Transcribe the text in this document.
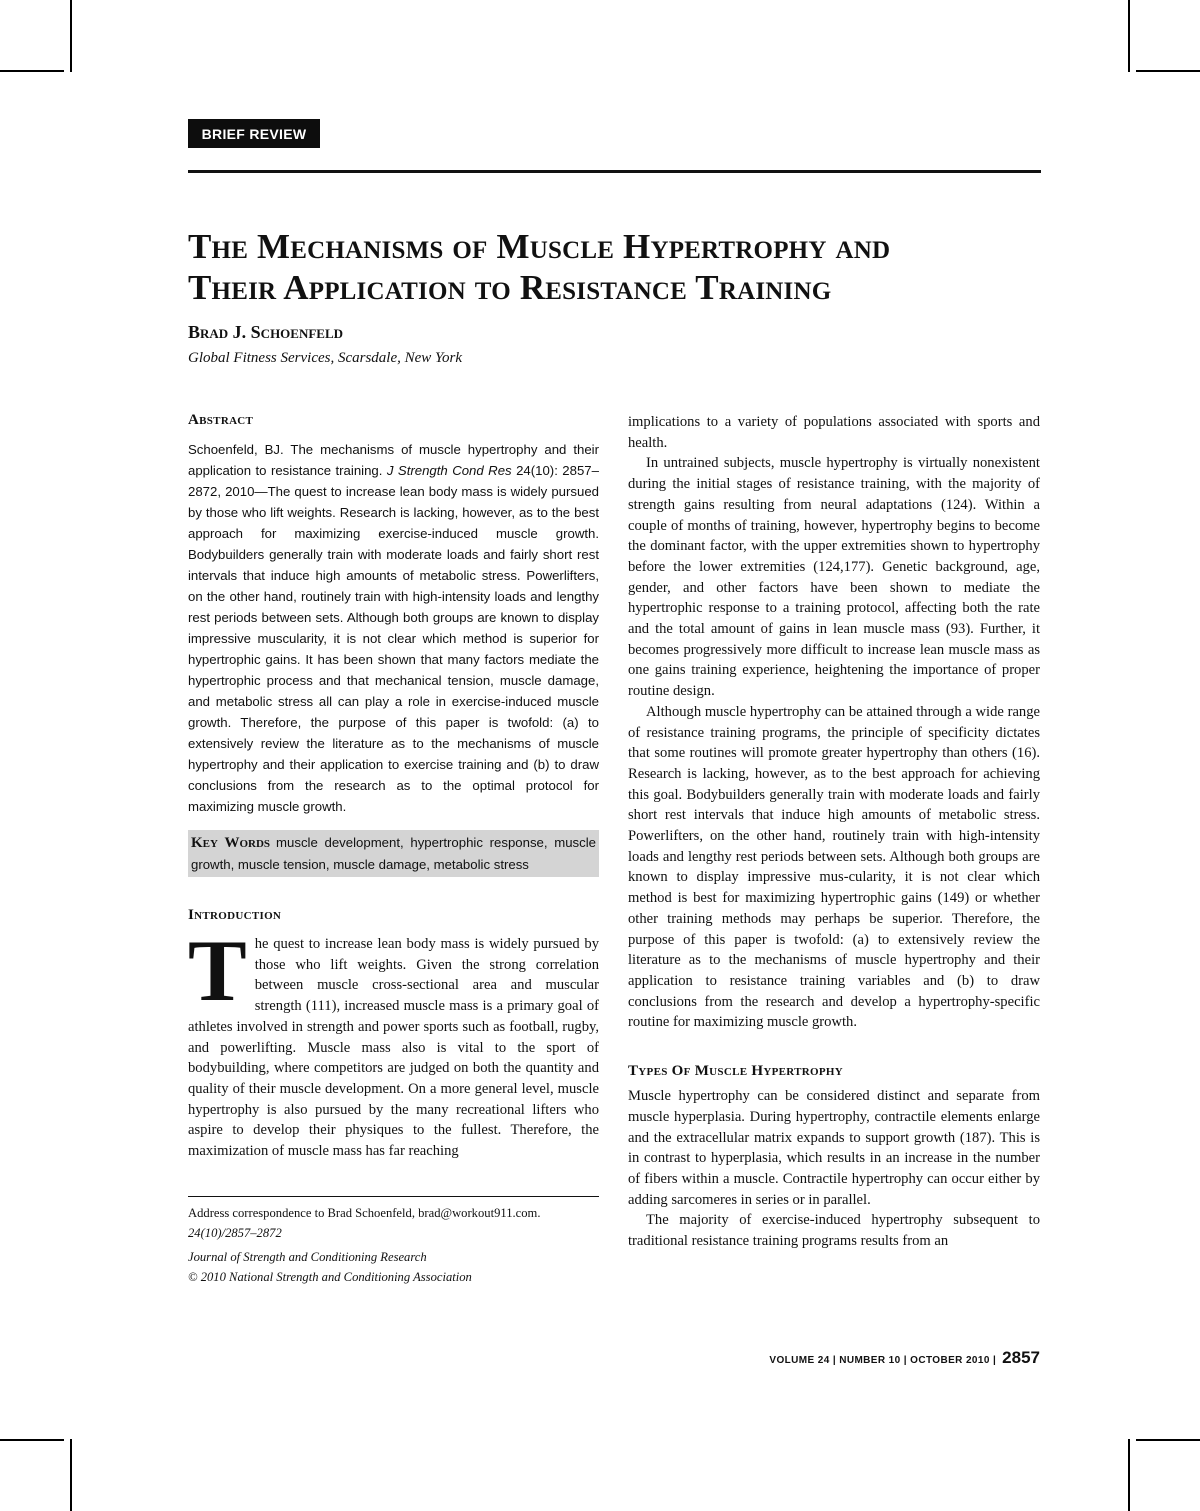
BRIEF REVIEW
The Mechanisms of Muscle Hypertrophy and
Their Application to Resistance Training

Brad J. Schoenfeld

Global Fitness Services, Scarsdale, New York

Abstract

Schoenfeld, BJ. The mechanisms of muscle hypertrophy and their application to resistance training. J Strength Cond Res 24(10): 2857–2872, 2010—The quest to increase lean body mass is widely pursued by those who lift weights. Research is lacking, however, as to the best approach for maximizing exercise-induced muscle growth. Bodybuilders generally train with moderate loads and fairly short rest intervals that induce high amounts of metabolic stress. Powerlifters, on the other hand, routinely train with high-intensity loads and lengthy rest periods between sets. Although both groups are known to display impressive muscularity, it is not clear which method is superior for hypertrophic gains. It has been shown that many factors mediate the hypertrophic process and that mechanical tension, muscle damage, and metabolic stress all can play a role in exercise-induced muscle growth. Therefore, the purpose of this paper is twofold: (a) to extensively review the literature as to the mechanisms of muscle hypertrophy and their application to exercise training and (b) to draw conclusions from the research as to the optimal protocol for maximizing muscle growth.

Key Words muscle development, hypertrophic response, muscle growth, muscle tension, muscle damage, metabolic stress
Introduction

The quest to increase lean body mass is widely pursued by those who lift weights. Given the strong correlation between muscle cross-sectional area and muscular strength (111), increased muscle mass is a primary goal of athletes involved in strength and power sports such as football, rugby, and powerlifting. Muscle mass also is vital to the sport of bodybuilding, where competitors are judged on both the quantity and quality of their muscle development. On a more general level, muscle hypertrophy is also pursued by the many recreational lifters who aspire to develop their physiques to the fullest. Therefore, the maximization of muscle mass has far reaching

Address correspondence to Brad Schoenfeld, brad@workout911.com.

24(10)/2857–2872

Journal of Strength and Conditioning Research

© 2010 National Strength and Conditioning Association

implications to a variety of populations associated with sports and health.

In untrained subjects, muscle hypertrophy is virtually nonexistent during the initial stages of resistance training, with the majority of strength gains resulting from neural adaptations (124). Within a couple of months of training, however, hypertrophy begins to become the dominant factor, with the upper extremities shown to hypertrophy before the lower extremities (124,177). Genetic background, age, gender, and other factors have been shown to mediate the hypertrophic response to a training protocol, affecting both the rate and the total amount of gains in lean muscle mass (93). Further, it becomes progressively more difficult to increase lean muscle mass as one gains training experience, heightening the importance of proper routine design.

Although muscle hypertrophy can be attained through a wide range of resistance training programs, the principle of specificity dictates that some routines will promote greater hypertrophy than others (16). Research is lacking, however, as to the best approach for achieving this goal. Bodybuilders generally train with moderate loads and fairly short rest intervals that induce high amounts of metabolic stress. Powerlifters, on the other hand, routinely train with high-intensity loads and lengthy rest periods between sets. Although both groups are known to display impressive mus-cularity, it is not clear which method is best for maximizing hypertrophic gains (149) or whether other training methods may perhaps be superior. Therefore, the purpose of this paper is twofold: (a) to extensively review the literature as to the mechanisms of muscle hypertrophy and their application to resistance training variables and (b) to draw conclusions from the research and develop a hypertrophy-specific routine for maximizing muscle growth.

Types Of Muscle Hypertrophy

Muscle hypertrophy can be considered distinct and separate from muscle hyperplasia. During hypertrophy, contractile elements enlarge and the extracellular matrix expands to support growth (187). This is in contrast to hyperplasia, which results in an increase in the number of fibers within a muscle. Contractile hypertrophy can occur either by adding sarcomeres in series or in parallel.

The majority of exercise-induced hypertrophy subsequent to traditional resistance training programs results from an

VOLUME 24 | NUMBER 10 | OCTOBER 2010 | 2857
